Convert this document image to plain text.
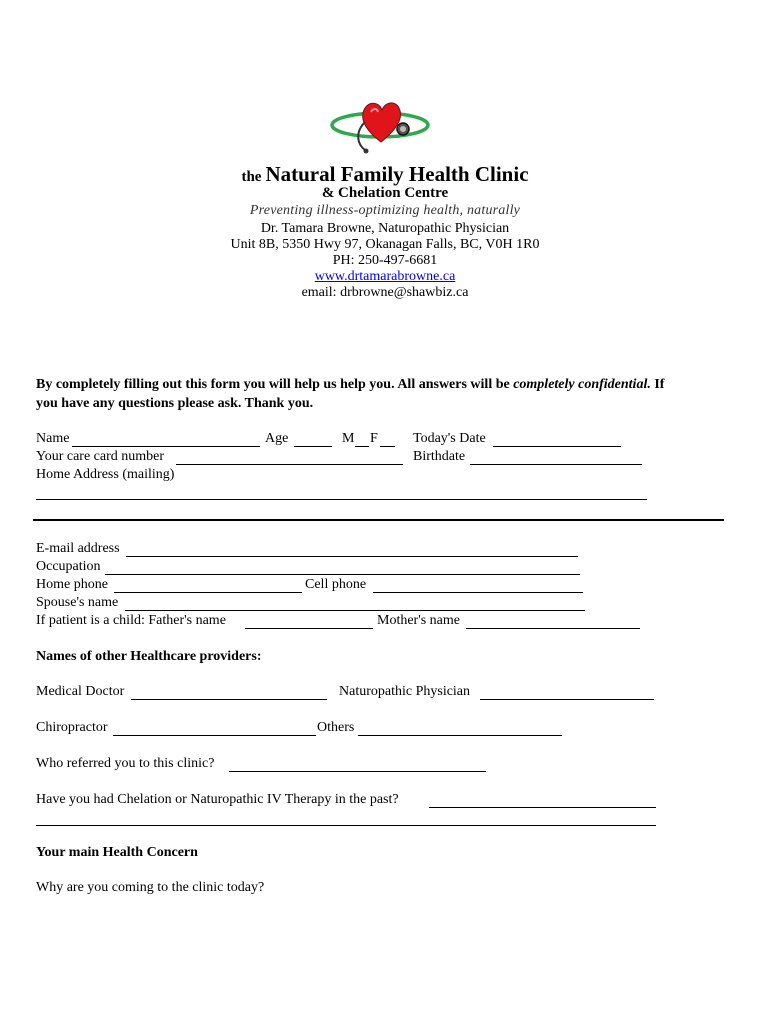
the Natural Family Health Clinic
& Chelation Centre
Preventing illness-optimizing health, naturally
Dr. Tamara Browne, Naturopathic Physician
Unit 8B, 5350 Hwy 97, Okanagan Falls, BC, V0H 1R0
PH: 250-497-6681
www.drtamarabrowne.ca
email: drbrowne@shawbiz.ca
By completely filling out this form you will help us help you. All answers will be completely confidential. If
you have any questions please ask. Thank you.
Name	Age	M F	Today's Date
Your care card number	Birthdate
Home Address (mailing)
E-mail address
Occupation
Home phone	Cell phone
Spouse's name
If patient is a child: Father's name	Mother's name
Names of other Healthcare providers:
Medical Doctor	Naturopathic Physician
Chiropractor	Others
Who referred you to this clinic?
Have you had Chelation or Naturopathic IV Therapy in the past?
Your main Health Concern
Why are you coming to the clinic today?
